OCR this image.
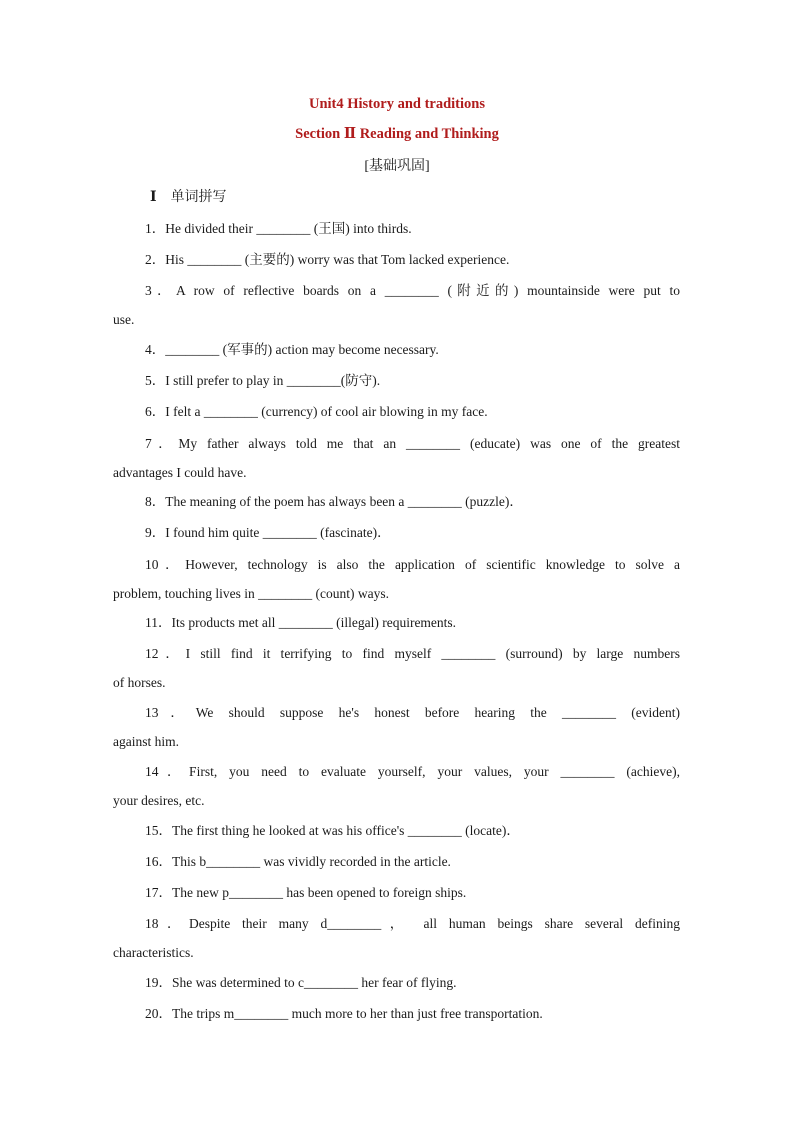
Unit4 History and traditions
Section Ⅱ Reading and Thinking
[基础巩固]
Ⅰ 单词拼写
1．He divided their ________ (王国) into thirds.
2．His ________ (主要的) worry was that Tom lacked experience.
3．A row of reflective boards on a ________ (附近的) mountainside were put to
use.
4．________ (军事的) action may become necessary.
5．I still prefer to play in ________(防守).
6．I felt a ________ (currency) of cool air blowing in my face.
7．My father always told me that an ________ (educate) was one of the greatest
advantages I could have.
8．The meaning of the poem has always been a ________ (puzzle)．
9．I found him quite ________ (fascinate)．
10．However, technology is also the application of scientific knowledge to solve a
problem, touching lives in ________ (count) ways.
11．Its products met all ________ (illegal) requirements.
12．I still find it terrifying to find myself ________ (surround) by large numbers
of horses.
13．We should suppose he's honest before hearing the ________ (evident)
against him.
14．First, you need to evaluate yourself, your values, your ________ (achieve),
your desires, etc.
15．The first thing he looked at was his office's ________ (locate)．
16．This b________ was vividly recorded in the article.
17．The new p________ has been opened to foreign ships.
18．Despite their many d________， all human beings share several defining
characteristics.
19．She was determined to c________ her fear of flying.
20．The trips m________ much more to her than just free transportation.
